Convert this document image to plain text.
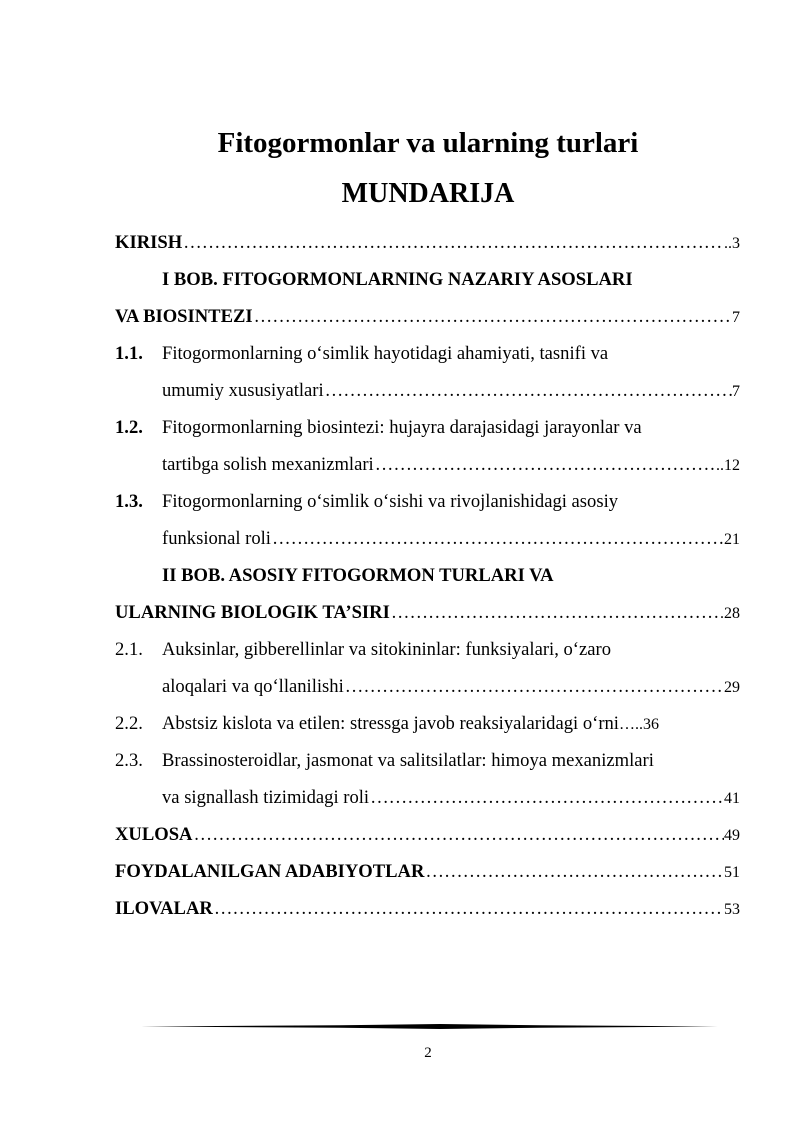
Fitogormonlar va ularning turlari
MUNDARIJA
KIRISH ……………………………………………………………………………………………………………………………………………………………………	..3
I BOB. FITOGORMONLARNING NAZARIY ASOSLARI
VA BIOSINTEZI ……………………………………………………………………………………………………………………………………………………………………	7
1.1. Fitogormonlarning o‘simlik hayotidagi ahamiyati, tasnifi va
umumiy xususiyatlari ……………………………………………………………………………………………………………………………………………………………………	7
1.2. Fitogormonlarning biosintezi: hujayra darajasidagi jarayonlar va
tartibga solish mexanizmlari ……………………………………………………………………………………………………………………………………………………………………	..12
1.3. Fitogormonlarning o‘simlik o‘sishi va rivojlanishidagi asosiy
funksional roli ……………………………………………………………………………………………………………………………………………………………………	21
II BOB. ASOSIY FITOGORMON TURLARI VA
ULARNING BIOLOGIK TA’SIRI ……………………………………………………………………………………………………………………………………………………………………	.28
2.1. Auksinlar, gibberellinlar va sitokininlar: funksiyalari, o‘zaro
aloqalari va qo‘llanilishi ……………………………………………………………………………………………………………………………………………………………………	29
2.2. Abstsiz kislota va etilen: stressga javob reaksiyalaridagi o‘rni …..36
2.3. Brassinosteroidlar, jasmonat va salitsilatlar: himoya mexanizmlari
va signallash tizimidagi roli ……………………………………………………………………………………………………………………………………………………………………	41
XULOSA ……………………………………………………………………………………………………………………………………………………………………	49
FOYDALANILGAN ADABIYOTLAR ……………………………………………………………………………………………………………………………………………………………………	51
ILOVALAR ……………………………………………………………………………………………………………………………………………………………………	53
2
